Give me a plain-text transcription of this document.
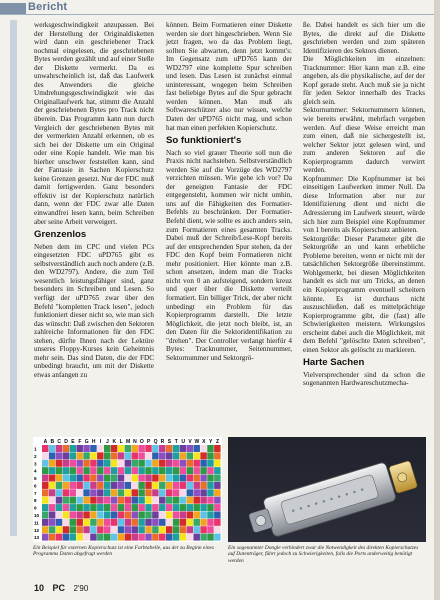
Bericht

werksgeschwindigkeit anzupassen. Bei der Herstellung der Originaldisketten wird dann ein geschriebener Track nochmal eingelesen, die geschriebenen Bytes werden gezählt und auf einer Stelle der Diskette vermerkt. Da es unwahrscheinlich ist, daß das Laufwerk des Anwenders die gleiche Umdrehungsgeschwindigkeit wie das Originallaufwerk hat, stimmt die Anzahl der geschriebenen Bytes pro Track nicht überein. Das Programm kann nun durch Vergleich der geschriebenen Bytes mit der vermerkten Anzahl erkennen, ob es sich bei der Diskette um ein Original oder eine Kopie handelt. Wie man bis hierher unschwer feststellen kann, sind der Fantasie in Sachen Kopierschutz keine Grenzen gesetzt. Nur der FDC muß damit fertigwerden. Ganz besonders effektiv ist der Kopierschutz natürlich dann, wenn der FDC zwar alle Daten einwandfrei lesen kann, beim Schreiben aber seine Arbeit verweigert.

Grenzenlos

Neben dem im CPC und vielen PCs eingesetzten FDC uPD765 gibt es selbstverständlich auch noch andere (z.B. den WD2797). Andere, die zum Teil wesentlich leistungsfähiger sind, ganz besonders im Schreiben und Lesen. So verfügt der uPD765 zwar über den Befehl "kompletten Track lesen", jedoch funktioniert dieser nicht so, wie man sich das wünscht: Daß zwischen den Sektoren zahlreiche Informationen für den FDC stehen, dürfte Ihnen nach der Lektüre unseres Floppy-Kurses kein Geheimnis mehr sein. Das sind Daten, die der FDC unbedingt braucht, um mit der Diskette etwas anfangen zu

können. Beim Formatieren einer Diskette werden sie dort hingeschrieben. Wenn Sie jetzt fragen, wo da das Problem liegt, sollten Sie abwarten, denn jetzt kommt's: Im Gegensatz zum uPD765 kann der WD2797 eine komplette Spur schreiben und lesen. Das Lesen ist zunächst einmal uninteressant, wogegen beim Schreiben fast beliebige Bytes auf die Spur gebracht werden können. Man muß als Softwareschützer also nur wissen, welche Daten der uPD765 nicht mag, und schon hat man einen perfekten Kopierschutz.

So funktioniert's

Nach so viel grauer Theorie soll nun die Praxis nicht nachstehen. Selbstverständlich werden Sie auf die Vorzüge des WD2797 verzichten müssen. Wie gehe ich vor? Da der geneigten Fantasie der FDC entgegensteht, kommen wir nicht umhin, uns auf die Fähigkeiten des Formatier-Befehls zu beschränken. Der Formatier-Befehl dient, wie sollte es auch anders sein, zum Formatieren eines gesamten Tracks. Dabei muß der Schreib/Lese-Kopf bereits auf der entsprechenden Spur stehen, da der FDC den Kopf beim Formatieren nicht mehr positioniert. Hier könnte man z.B. schon ansetzen, indem man die Tracks nicht von 0 an aufsteigend, sondern kreuz und quer über die Diskette verteilt formatiert. Ein billiger Trick, der aber nicht unbedingt ein Problem für das Kopierprogramm darstellt. Die letzte Möglichkeit, die jetzt noch bleibt, ist, an den Daten für die Sektoridentifikation zu "drehen". Der Controller verlangt hierfür 4 Bytes: Tracknummer, Seitennummer, Sektornummer und Sektorgrö-

ße. Dabei handelt es sich hier um die Bytes, die direkt auf die Diskette geschrieben werden und zum späteren Identifizieren des Sektors dienen.

Die Möglichkeiten im einzelnen: Tracknummer: Hier kann man z.B. eine angeben, als die physikalische, auf der der Kopf gerade steht. Auch muß sie ja nicht für jeden Sektor innerhalb des Tracks gleich sein.

Sektornummer: Sektornummern können, wie bereits erwähnt, mehrfach vergeben werden. Auf diese Weise erreicht man zum einen, daß nie sichergestellt ist, welcher Sektor jetzt gelesen wird, und zum anderen Sektoren auf die Kopierprogramm dadurch verwirrt werden.

Kopfnummer: Die Kopfnummer ist bei einseitigen Laufwerken immer Null. Da diese Information aber nur zur Identifizierung dient und nicht die Adressierung im Laufwerk steuert, würde sich hier zum Beispiel eine Kopfnummer von 1 bereits als Kopierschutz anbieten.

Sektorgröße: Dieser Parameter gibt die Sektorgröße an und kann erhebliche Probleme bereiten, wenn er nicht mit der tatsächlichen Sektorgröße übereinstimmt. Wohlgemerkt, bei diesen Möglichkeiten handelt es sich nur um Tricks, an denen ein Kopierprogramm eventuell scheitern könnte. Es ist durchaus nicht auszuschließen, daß es mittelprächtige Kopierprogramme gibt, die (fast) alle Schwierigkeiten meistern. Wirkungslos erscheint dabei auch die Möglichkeit, mit dem Befehl "gelöschte Daten schreiben", einen Sektor als gelöscht zu markieren.

Harte Sachen

Vielversprechender sind da schon die sogenannten Hardwareschutzmecha-

A B C D E F G H I J K L M N O P Q R S T U V W X Y Z
1
2
3
4
5
6
7
8
9
10
11
12
13
Ein Beispiel für externen Kopierschutz ist eine Farbtabelle, aus der zu Beginn eines Programms Daten abgefragt werden
Ein sogenannter Dongle verhindert zwar die Notwendigkeit des direkten Kopierschutzes auf Datenträger, führt jedoch zu Schwierigkeiten, falls die Ports anderweitig benötigt werden
10 PC 2'90
